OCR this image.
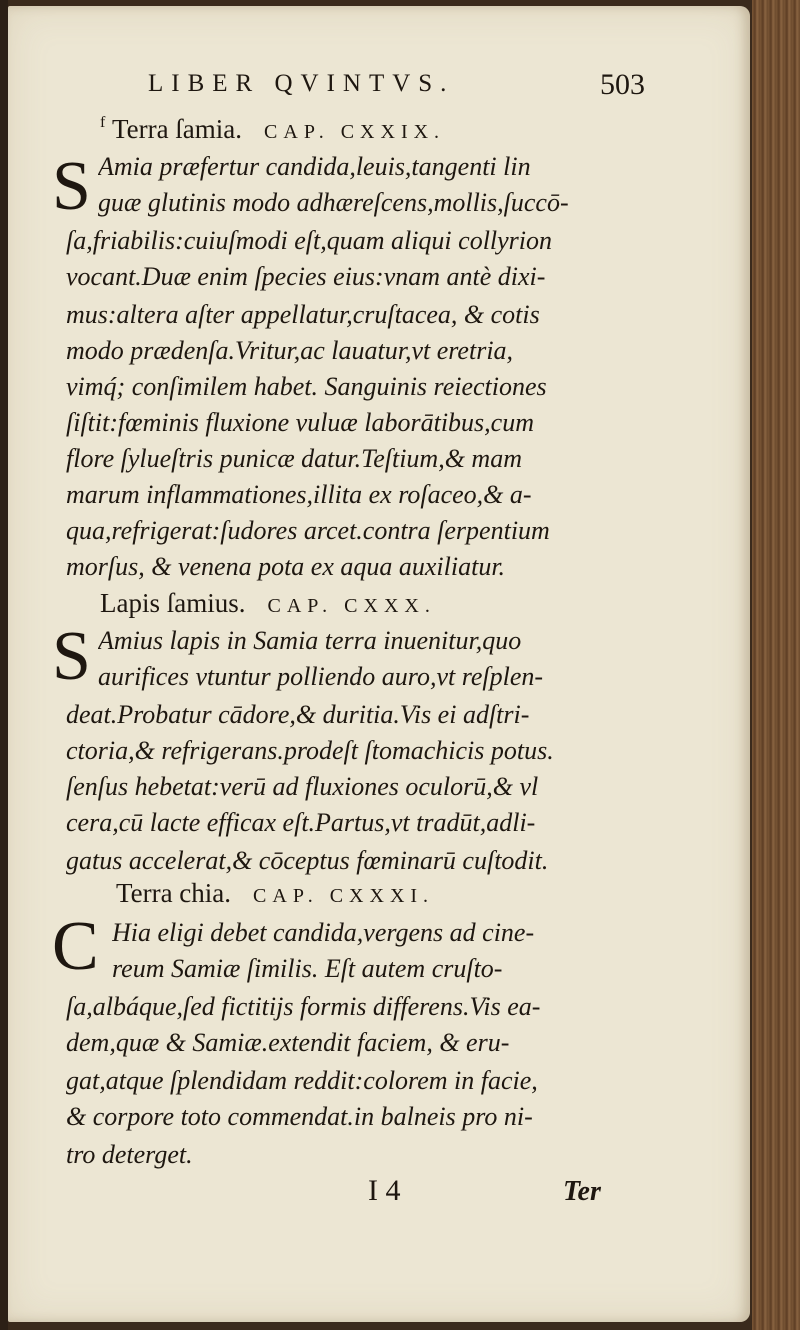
LIBER QVINTVS.	503
f Terra ſamia. CAP. CXXIX.
S Amia præfertur candida,leuis,tangenti lin
guæ glutinis modo adhæreſcens,mollis,ſuccō-
ſa,friabilis:cuiuſmodi eſt,quam aliqui collyrion
vocant.Duæ enim ſpecies eius:vnam antè dixi-
mus:altera aſter appellatur,cruſtacea, & cotis
modo prædenſa.Vritur,ac lauatur,vt eretria,
vimq́; conſimilem habet. Sanguinis reiectiones
ſiſtit:fœminis fluxione vuluæ laborātibus,cum
flore ſylueſtris punicæ datur.Teſtium,& mam
marum inflammationes,illita ex roſaceo,& a-
qua,refrigerat:ſudores arcet.contra ſerpentium
morſus, & venena pota ex aqua auxiliatur.
Lapis ſamius. CAP. CXXX.
S Amius lapis in Samia terra inuenitur,quo
aurifices vtuntur polliendo auro,vt reſplen-
deat.Probatur cādore,& duritia.Vis ei adſtri-
ctoria,& refrigerans.prodeſt ſtomachicis potus.
ſenſus hebetat:verū ad fluxiones oculorū,& vl
cera,cū lacte efficax eſt.Partus,vt tradūt,adli-
gatus accelerat,& cōceptus fœminarū cuſtodit.
Terra chia. CAP. CXXXI.
C Hia eligi debet candida,vergens ad cine-
reum Samiæ ſimilis. Eſt autem cruſto-
ſa,albáque,ſed fictitijs formis differens.Vis ea-
dem,quæ & Samiæ.extendit faciem, & eru-
gat,atque ſplendidam reddit:colorem in facie,
& corpore toto commendat.in balneis pro ni-
tro deterget.
I 4	Ter
